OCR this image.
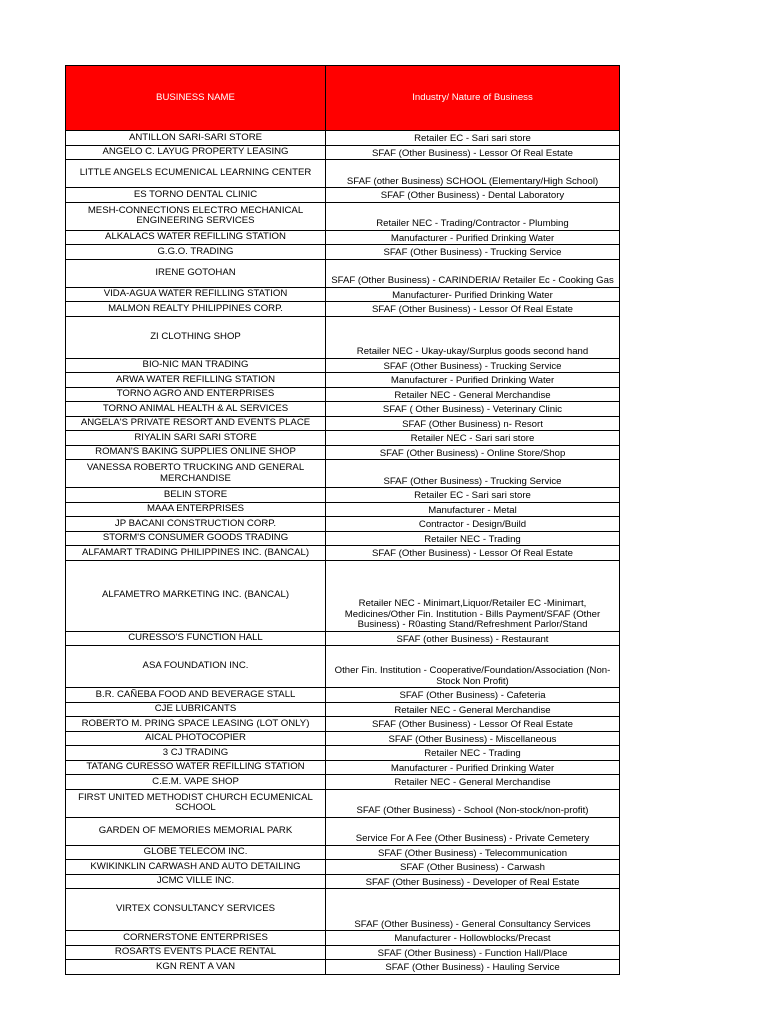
BUSINESS NAME	Industry/ Nature of Business
ANTILLON SARI-SARI STORE	Retailer EC - Sari sari store
ANGELO C. LAYUG PROPERTY LEASING	SFAF (Other Business) - Lessor Of Real Estate
LITTLE ANGELS ECUMENICAL LEARNING CENTER	SFAF (other Business) SCHOOL (Elementary/High School)
ES TORNO DENTAL CLINIC	SFAF (Other Business) - Dental Laboratory
MESH-CONNECTIONS ELECTRO MECHANICAL ENGINEERING SERVICES	Retailer NEC - Trading/Contractor - Plumbing
ALKALACS WATER REFILLING STATION	Manufacturer - Purified Drinking Water
G.G.O. TRADING	SFAF (Other Business) - Trucking Service
IRENE GOTOHAN	SFAF (Other Business) - CARINDERIA/ Retailer Ec - Cooking Gas
VIDA-AGUA WATER REFILLING STATION	Manufacturer- Purified Drinking Water
MALMON REALTY PHILIPPINES CORP.	SFAF (Other Business) - Lessor Of Real Estate
ZI CLOTHING SHOP	Retailer NEC - Ukay-ukay/Surplus goods second hand
BIO-NIC MAN TRADING	SFAF (Other Business) - Trucking Service
ARWA WATER REFILLING STATION	Manufacturer - Purified Drinking Water
TORNO AGRO AND ENTERPRISES	Retailer NEC - General Merchandise
TORNO ANIMAL HEALTH & AL SERVICES	SFAF ( Other Business) - Veterinary Clinic
ANGELA'S PRIVATE RESORT AND EVENTS PLACE	SFAF (Other Business) n- Resort
RIYALIN SARI SARI STORE	Retailer NEC - Sari sari store
ROMAN'S BAKING SUPPLIES ONLINE SHOP	SFAF (Other Business) - Online Store/Shop
VANESSA ROBERTO TRUCKING AND GENERAL MERCHANDISE	SFAF (Other Business) - Trucking Service
BELIN STORE	Retailer EC - Sari sari store
MAAA ENTERPRISES	Manufacturer - Metal
JP BACANI CONSTRUCTION CORP.	Contractor - Design/Build
STORM'S CONSUMER GOODS TRADING	Retailer NEC - Trading
ALFAMART TRADING PHILIPPINES INC. (BANCAL)	SFAF (Other Business) - Lessor Of Real Estate
ALFAMETRO MARKETING INC. (BANCAL)	Retailer NEC - Minimart,Liquor/Retailer EC -Minimart, Medicines/Other Fin. Institution - Bills Payment/SFAF (Other Business) - R0asting Stand/Refreshment Parlor/Stand
CURESSO'S FUNCTION HALL	SFAF (other Business) - Restaurant
ASA FOUNDATION INC.	Other Fin. Institution - Cooperative/Foundation/Association (Non- Stock Non Profit)
B.R. CAÑEBA FOOD AND BEVERAGE STALL	SFAF (Other Business) - Cafeteria
CJE LUBRICANTS	Retailer NEC - General Merchandise
ROBERTO M. PRING SPACE LEASING (LOT ONLY)	SFAF (Other Business) - Lessor Of Real Estate
AICAL PHOTOCOPIER	SFAF (Other Business) - Miscellaneous
3 CJ TRADING	Retailer NEC - Trading
TATANG CURESSO WATER REFILLING STATION	Manufacturer - Purified Drinking Water
C.E.M. VAPE SHOP	Retailer NEC - General Merchandise
FIRST UNITED METHODIST CHURCH ECUMENICAL SCHOOL	SFAF (Other Business) - School (Non-stock/non-profit)
GARDEN OF MEMORIES MEMORIAL PARK	Service For A Fee (Other Business) - Private Cemetery
GLOBE TELECOM INC.	SFAF (Other Business) - Telecommunication
KWIKINKLIN CARWASH AND AUTO DETAILING	SFAF (Other Business) - Carwash
JCMC VILLE INC.	SFAF (Other Business) - Developer of Real Estate
VIRTEX CONSULTANCY SERVICES	SFAF (Other Business) - General Consultancy Services
CORNERSTONE ENTERPRISES	Manufacturer - Hollowblocks/Precast
ROSARTS EVENTS PLACE RENTAL	SFAF (Other Business) - Function Hall/Place
KGN RENT A VAN	SFAF (Other Business) - Hauling Service
